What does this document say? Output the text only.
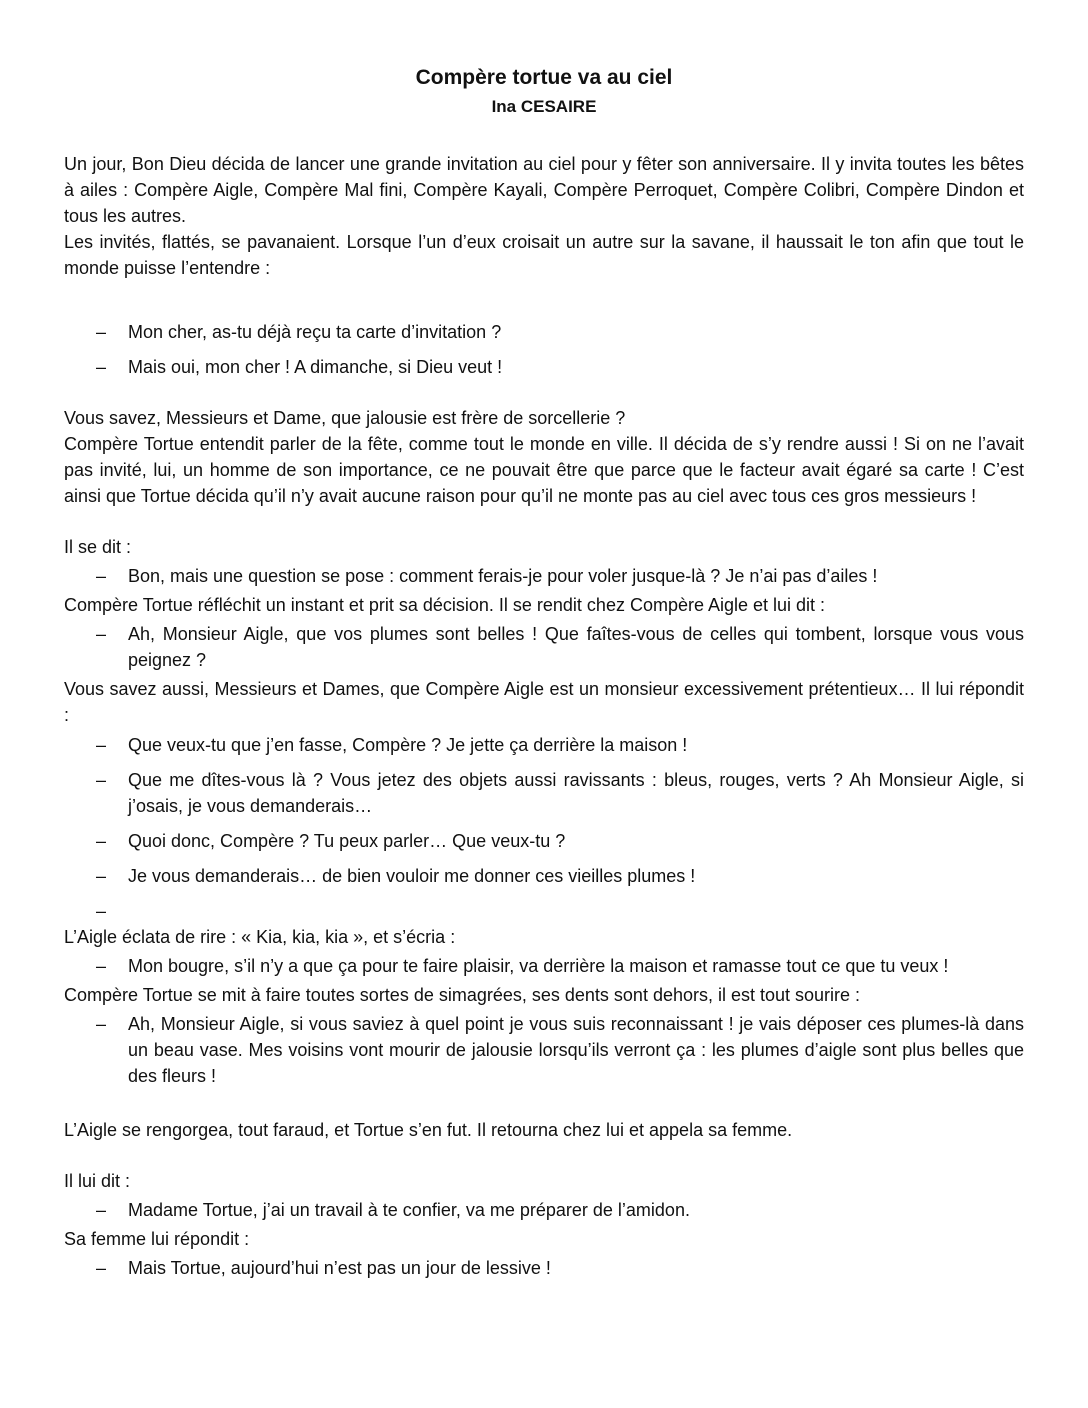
Compère tortue va au ciel
Ina CESAIRE

Un jour, Bon Dieu décida de lancer une grande invitation au ciel pour y fêter son anniversaire. Il y invita toutes les bêtes à ailes : Compère Aigle, Compère Mal fini, Compère Kayali, Compère Perroquet, Compère Colibri, Compère Dindon et tous les autres.

Les invités, flattés, se pavanaient. Lorsque l’un d’eux croisait un autre sur la savane, il haussait le ton afin que tout le monde puisse l’entendre :

– Mon cher, as-tu déjà reçu ta carte d’invitation ?
– Mais oui, mon cher ! A dimanche, si Dieu veut !

Vous savez, Messieurs et Dame, que jalousie est frère de sorcellerie ?

Compère Tortue entendit parler de la fête, comme tout le monde en ville. Il décida de s’y rendre aussi ! Si on ne l’avait pas invité, lui, un homme de son importance, ce ne pouvait être que parce que le facteur avait égaré sa carte ! C’est ainsi que Tortue décida qu’il n’y avait aucune raison pour qu’il ne monte pas au ciel avec tous ces gros messieurs !

Il se dit :

– Bon, mais une question se pose : comment ferais-je pour voler jusque-là ? Je n’ai pas d’ailes !

Compère Tortue réfléchit un instant et prit sa décision. Il se rendit chez Compère Aigle et lui dit :

– Ah, Monsieur Aigle, que vos plumes sont belles ! Que faîtes-vous de celles qui tombent, lorsque vous vous peignez ?

Vous savez aussi, Messieurs et Dames, que Compère Aigle est un monsieur excessivement prétentieux… Il lui répondit :

– Que veux-tu que j’en fasse, Compère ? Je jette ça derrière la maison !
– Que me dîtes-vous là ? Vous jetez des objets aussi ravissants : bleus, rouges, verts ? Ah Monsieur Aigle, si j’osais, je vous demanderais…
– Quoi donc, Compère ? Tu peux parler… Que veux-tu ?
– Je vous demanderais… de bien vouloir me donner ces vieilles plumes !
–

L’Aigle éclata de rire : « Kia, kia, kia », et s’écria :

– Mon bougre, s’il n’y a que ça pour te faire plaisir, va derrière la maison et ramasse tout ce que tu veux !

Compère Tortue se mit à faire toutes sortes de simagrées, ses dents sont dehors, il est tout sourire :

– Ah, Monsieur Aigle, si vous saviez à quel point je vous suis reconnaissant ! je vais déposer ces plumes-là dans un beau vase. Mes voisins vont mourir de jalousie lorsqu’ils verront ça : les plumes d’aigle sont plus belles que des fleurs !

L’Aigle se rengorgea, tout faraud, et Tortue s’en fut. Il retourna chez lui et appela sa femme.

Il lui dit :

– Madame Tortue, j’ai un travail à te confier, va me préparer de l’amidon.

Sa femme lui répondit :

– Mais Tortue, aujourd’hui n’est pas un jour de lessive !
